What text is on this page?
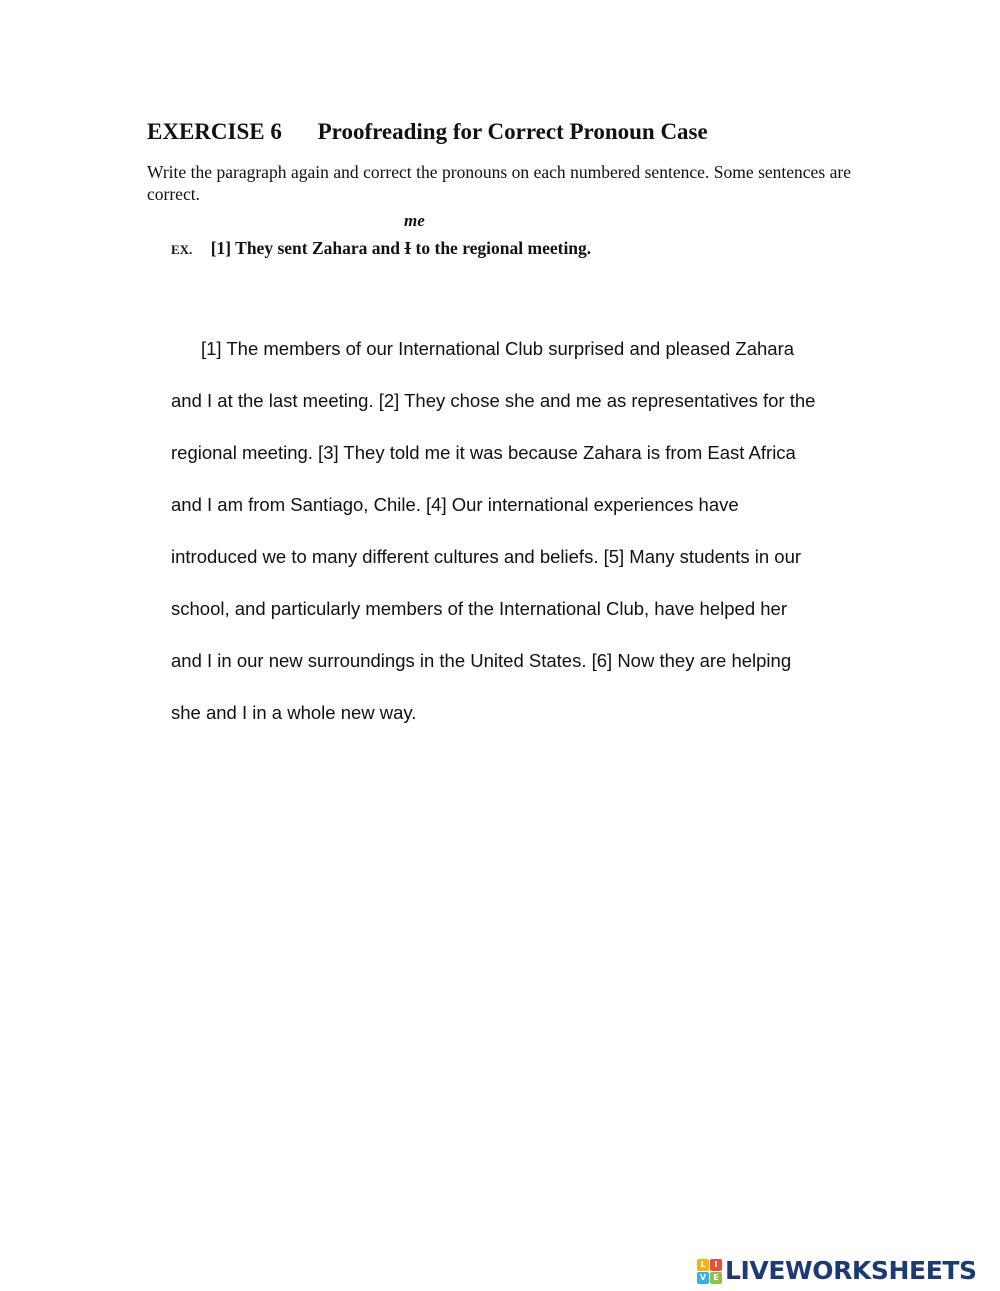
EXERCISE 6 Proofreading for Correct Pronoun Case

Write the paragraph again and correct the pronouns on each numbered sentence. Some sentences are correct.

me
EX. [1] They sent Zahara and I to the regional meeting.
[1] The members of our International Club surprised and pleased Zahara
and I at the last meeting. [2] They chose she and me as representatives for the
regional meeting. [3] They told me it was because Zahara is from East Africa
and I am from Santiago, Chile. [4] Our international experiences have
introduced we to many different cultures and beliefs. [5] Many students in our
school, and particularly members of the International Club, have helped her
and I in our new surroundings in the United States. [6] Now they are helping
she and I in a whole new way.
L	I
V E LIVEWORKSHEETS
